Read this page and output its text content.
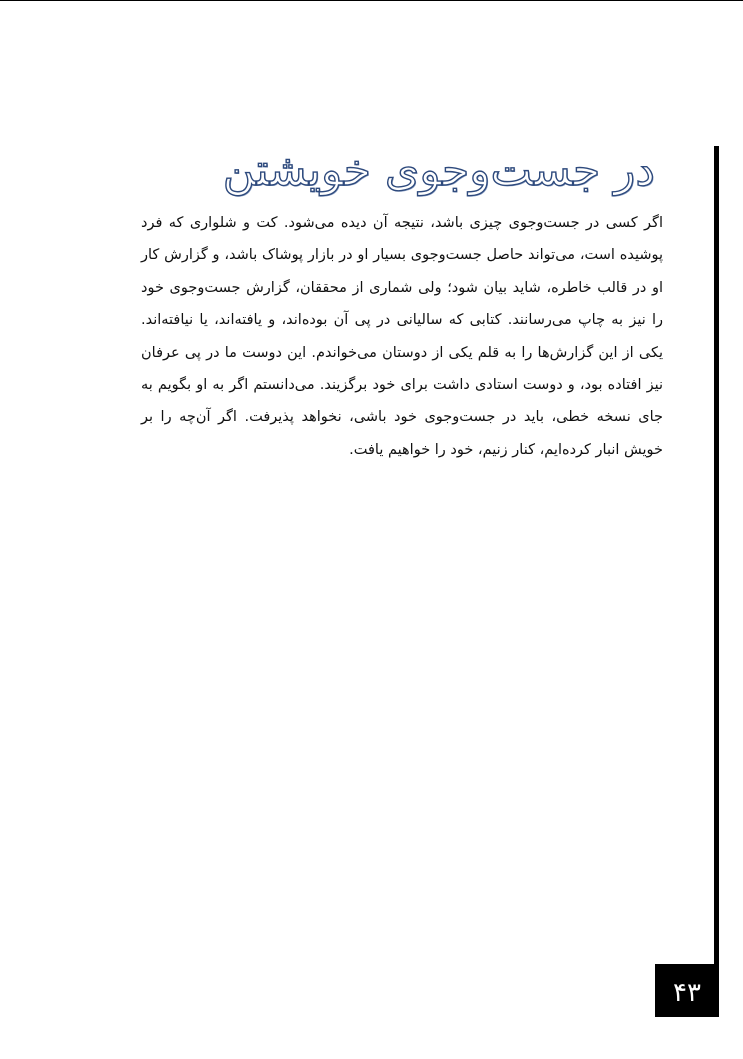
در جست‌وجوی خویشتن

اگر کسی در جست‌وجوی چیزی باشد، نتیجه آن دیده می‌شود. کت و شلواری که فرد پوشیده است، می‌تواند حاصل جست‌وجوی بسیار او در بازار پوشاک باشد، و گزارش کار او در قالب خاطره، شاید بیان شود؛ ولی شماری از محققان، گزارش جست‌وجوی خود را نیز به چاپ می‌رسانند. کتابی که سالیانی در پی آن بوده‌اند، و یافته‌اند، یا نیافته‌اند. یکی از این گزارش‌ها را به قلم یکی از دوستان می‌خواندم. این دوست ما در پی عرفان نیز افتاده بود، و دوست استادی داشت برای خود برگزیند. می‌دانستم اگر به او بگویم به جای نسخه خطی، باید در جست‌وجوی خود باشی، نخواهد پذیرفت. اگر آن‌چه را بر خویش انبار کرده‌ایم، کنار زنیم، خود را خواهیم یافت.

۴۳
